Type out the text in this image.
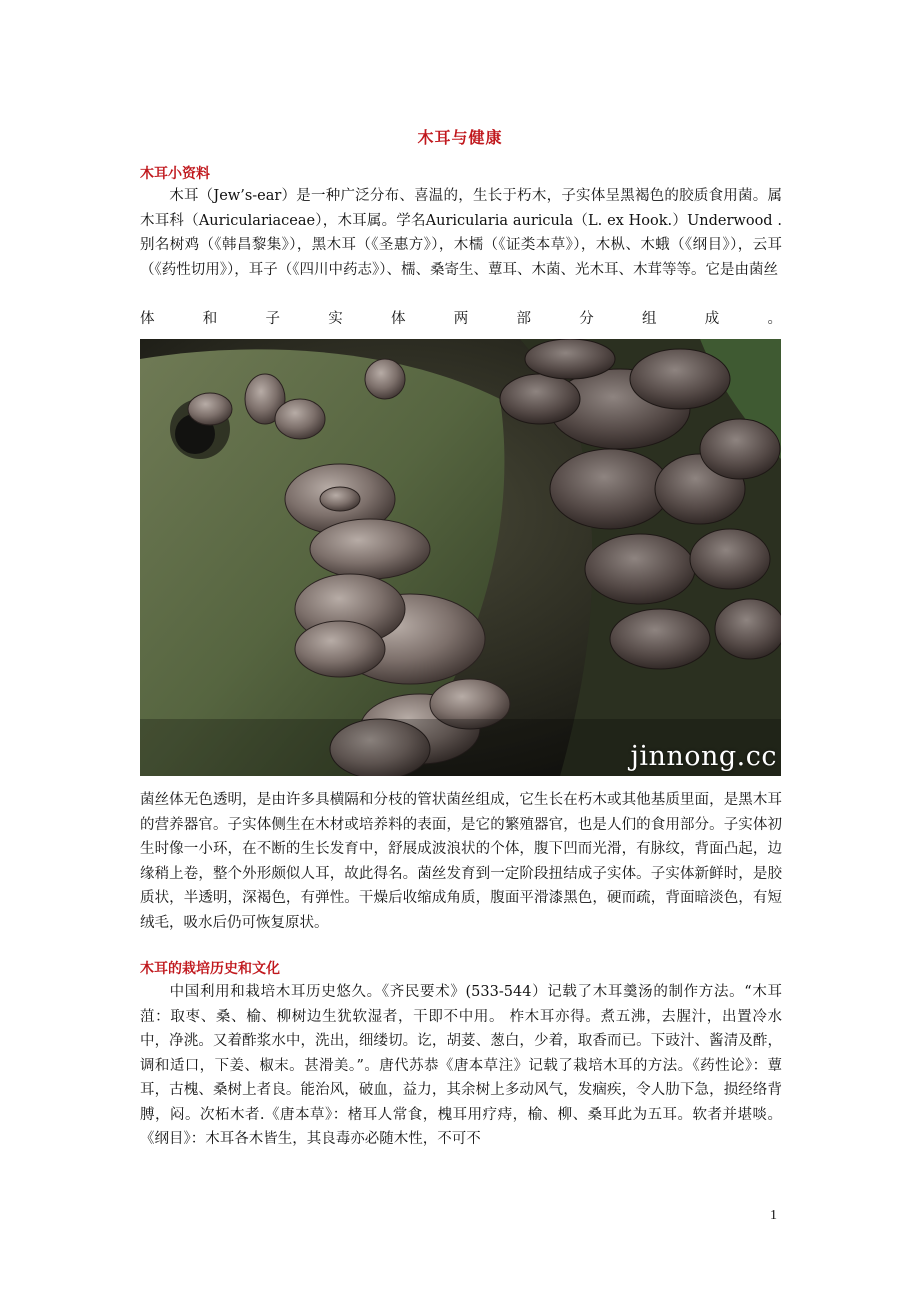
木耳与健康
木耳小资料

木耳（Jew’s-ear）是一种广泛分布、喜温的，生长于朽木，子实体呈黑褐色的胶质食用菌。属木耳科（Auriculariaceae），木耳属。学名Auricularia auricula（L. ex Hook.）Underwood .别名树鸡（《韩昌黎集》），黑木耳（《圣惠方》），木檽（《证类本草》），木枞、木蛾（《纲目》），云耳（《药性切用》），耳子（《四川中药志》）、檽、桑寄生、蕈耳、木菌、光木耳、木茸等等。它是由菌丝

体	和	子	实	体	两	部	分	组	成	。
jinnong.cc

菌丝体无色透明，是由许多具横隔和分枝的管状菌丝组成，它生长在朽木或其他基质里面，是黑木耳的营养器官。子实体侧生在木材或培养料的表面，是它的繁殖器官，也是人们的食用部分。子实体初生时像一小环，在不断的生长发育中，舒展成波浪状的个体，腹下凹而光滑，有脉纹，背面凸起，边缘稍上卷，整个外形颇似人耳，故此得名。菌丝发育到一定阶段扭结成子实体。子实体新鲜时，是胶质状，半透明，深褐色，有弹性。干燥后收缩成角质，腹面平滑漆黑色，硬而疏，背面暗淡色，有短绒毛，吸水后仍可恢复原状。

木耳的栽培历史和文化

中国利用和栽培木耳历史悠久。《齐民要术》(533-544）记载了木耳羹汤的制作方法。“木耳菹：取枣、桑、榆、柳树边生犹软湿者，干即不中用。 柞木耳亦得。煮五沸，去腥汁，出置冷水中，净洮。又着酢浆水中，洗出，细缕切。讫，胡荽、葱白，少着，取香而已。下豉汁、酱清及酢，调和适口，下姜、椒末。甚滑美。”。唐代苏恭《唐本草注》记载了栽培木耳的方法。《药性论》：蕈耳，古槐、桑树上者良。能治风，破血，益力，其余树上多动风气，发痼疾，令人肋下急，损经络背膊，闷。次柘木者.《唐本草》：楮耳人常食，槐耳用疗痔，榆、柳、桑耳此为五耳。软者并堪啖。《纲目》：木耳各木皆生，其良毒亦必随木性，不可不

1
